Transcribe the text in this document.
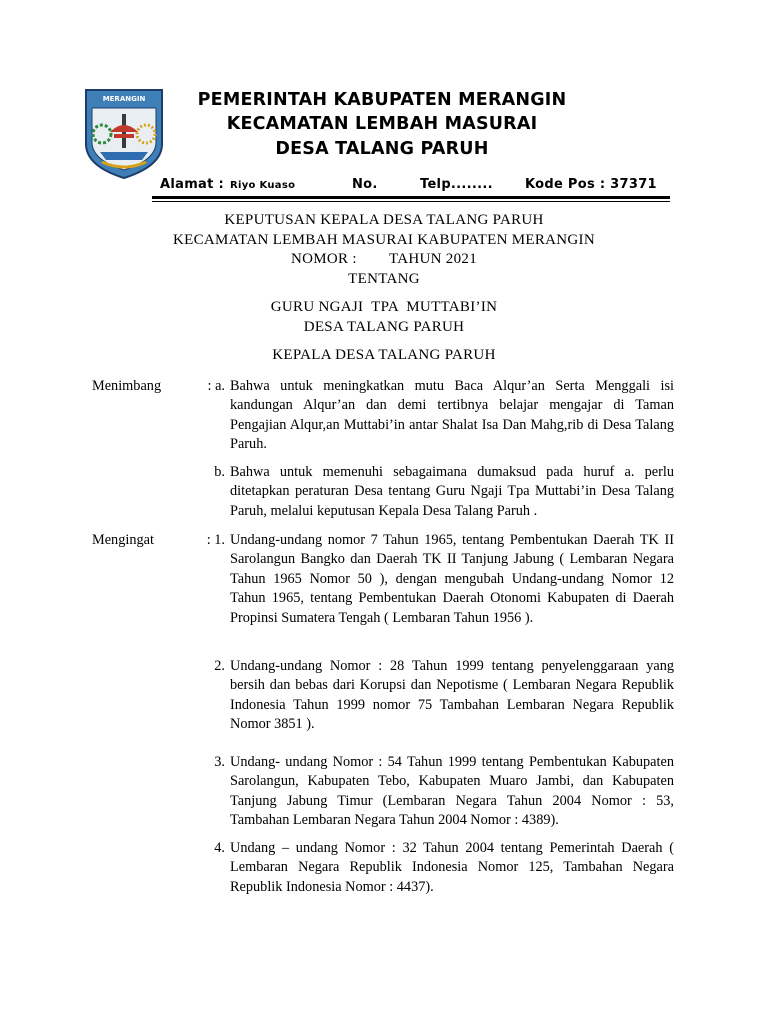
MERANGIN	PEMERINTAH KABUPATEN MERANGIN
KECAMATAN LEMBAH MASURAI
DESA TALANG PARUH
Alamat : Riyo Kuaso	No.	Telp........ Kode Pos : 37371
KEPUTUSAN KEPALA DESA TALANG PARUH
KECAMATAN LEMBAH MASURAI KABUPATEN MERANGIN
NOMOR :        TAHUN 2021
TENTANG
GURU NGAJI  TPA  MUTTABI’IN
DESA TALANG PARUH
KEPALA DESA TALANG PARUH
Menimbang	: a. Bahwa untuk meningkatkan mutu Baca Alqur’an Serta Menggali isi kandungan Alqur’an dan demi tertibnya belajar mengajar di Taman Pengajian Alqur,an Muttabi’in antar Shalat Isa Dan Mahg,rib di Desa Talang Paruh.
b. Bahwa untuk memenuhi sebagaimana dumaksud pada huruf a. perlu ditetapkan peraturan Desa tentang Guru Ngaji Tpa Muttabi’in Desa Talang Paruh, melalui keputusan Kepala Desa Talang Paruh .
Mengingat	: 1. Undang-undang nomor 7 Tahun 1965, tentang Pembentukan Daerah TK II Sarolangun Bangko dan Daerah TK II Tanjung Jabung ( Lembaran Negara Tahun 1965 Nomor 50 ), dengan mengubah Undang-undang Nomor 12 Tahun 1965, tentang Pembentukan Daerah Otonomi Kabupaten di Daerah Propinsi Sumatera Tengah ( Lembaran Tahun 1956 ).
2. Undang-undang Nomor : 28 Tahun 1999 tentang penyelenggaraan yang bersih dan bebas dari Korupsi dan Nepotisme ( Lembaran Negara Republik Indonesia Tahun 1999 nomor 75 Tambahan Lembaran Negara Republik Nomor 3851 ).
3. Undang- undang Nomor : 54 Tahun 1999 tentang Pembentukan Kabupaten Sarolangun, Kabupaten Tebo, Kabupaten Muaro Jambi, dan Kabupaten Tanjung Jabung Timur (Lembaran Negara Tahun 2004 Nomor : 53, Tambahan Lembaran Negara Tahun 2004 Nomor : 4389).
4. Undang – undang Nomor : 32 Tahun 2004 tentang Pemerintah Daerah ( Lembaran Negara Republik Indonesia Nomor 125, Tambahan Negara Republik Indonesia Nomor : 4437).
